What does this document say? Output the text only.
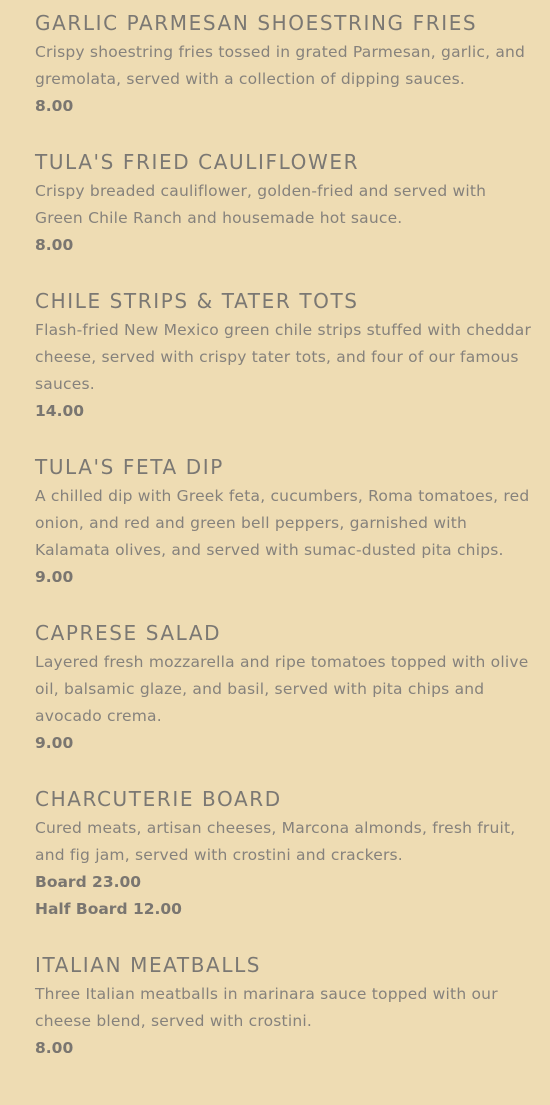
GARLIC PARMESAN SHOESTRING FRIES
Crispy shoestring fries tossed in grated Parmesan, garlic, and gremolata, served with a collection of dipping sauces.
8.00
TULA'S FRIED CAULIFLOWER
Crispy breaded cauliflower, golden-fried and served with Green Chile Ranch and housemade hot sauce.
8.00
CHILE STRIPS & TATER TOTS
Flash-fried New Mexico green chile strips stuffed with cheddar cheese, served with crispy tater tots, and four of our famous sauces.
14.00
TULA'S FETA DIP
A chilled dip with Greek feta, cucumbers, Roma tomatoes, red onion, and red and green bell peppers, garnished with Kalamata olives, and served with sumac-dusted pita chips.
9.00
CAPRESE SALAD
Layered fresh mozzarella and ripe tomatoes topped with olive oil, balsamic glaze, and basil, served with pita chips and avocado crema.
9.00
CHARCUTERIE BOARD
Cured meats, artisan cheeses, Marcona almonds, fresh fruit, and fig jam, served with crostini and crackers.
Board 23.00
Half Board 12.00
ITALIAN MEATBALLS
Three Italian meatballs in marinara sauce topped with our cheese blend, served with crostini.
8.00
